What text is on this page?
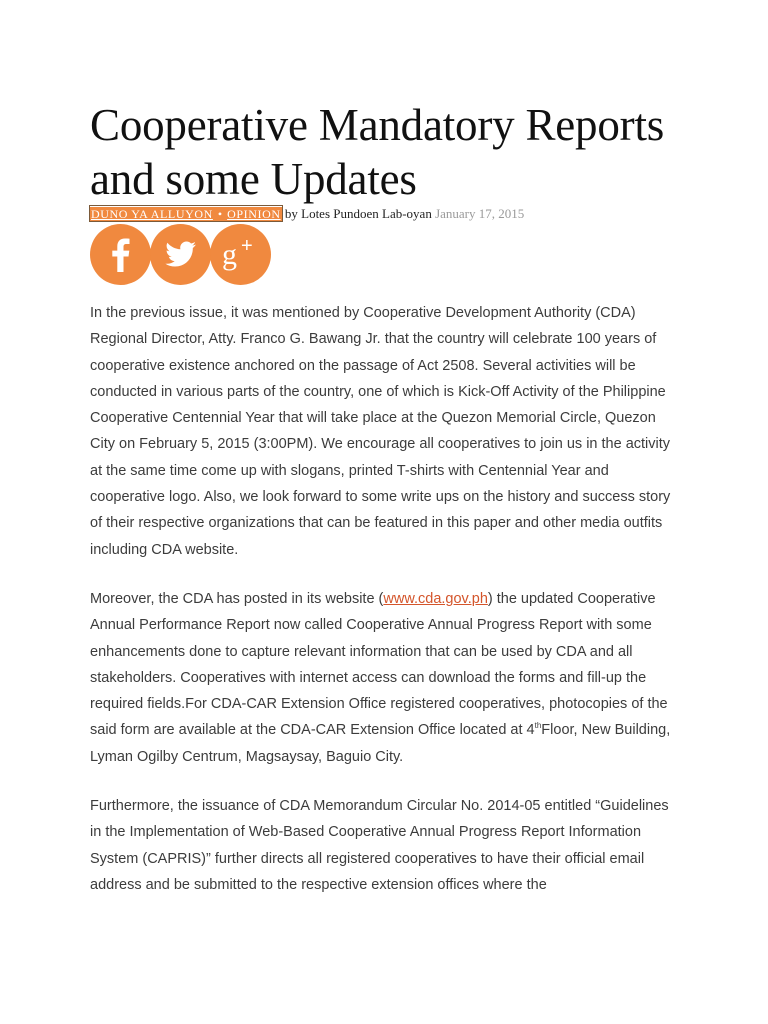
Cooperative Mandatory Reports and some Updates
DUNO YA ALLUYON • OPINION by Lotes Pundoen Lab-oyan January 17, 2015
g +

In the previous issue, it was mentioned by Cooperative Development Authority (CDA) Regional Director, Atty. Franco G. Bawang Jr. that the country will celebrate 100 years of cooperative existence anchored on the passage of Act 2508. Several activities will be conducted in various parts of the country, one of which is Kick-Off Activity of the Philippine Cooperative Centennial Year that will take place at the Quezon Memorial Circle, Quezon City on February 5, 2015 (3:00PM). We encourage all cooperatives to join us in the activity at the same time come up with slogans, printed T-shirts with Centennial Year and cooperative logo. Also, we look forward to some write ups on the history and success story of their respective organizations that can be featured in this paper and other media outfits including CDA website.

Moreover, the CDA has posted in its website (www.cda.gov.ph) the updated Cooperative Annual Performance Report now called Cooperative Annual Progress Report with some enhancements done to capture relevant information that can be used by CDA and all stakeholders. Cooperatives with internet access can download the forms and fill-up the required fields.For CDA-CAR Extension Office registered cooperatives, photocopies of the said form are available at the CDA-CAR Extension Office located at 4thFloor, New Building, Lyman Ogilby Centrum, Magsaysay, Baguio City.

Furthermore, the issuance of CDA Memorandum Circular No. 2014-05 entitled “Guidelines in the Implementation of Web-Based Cooperative Annual Progress Report Information System (CAPRIS)” further directs all registered cooperatives to have their official email address and be submitted to the respective extension offices where the
